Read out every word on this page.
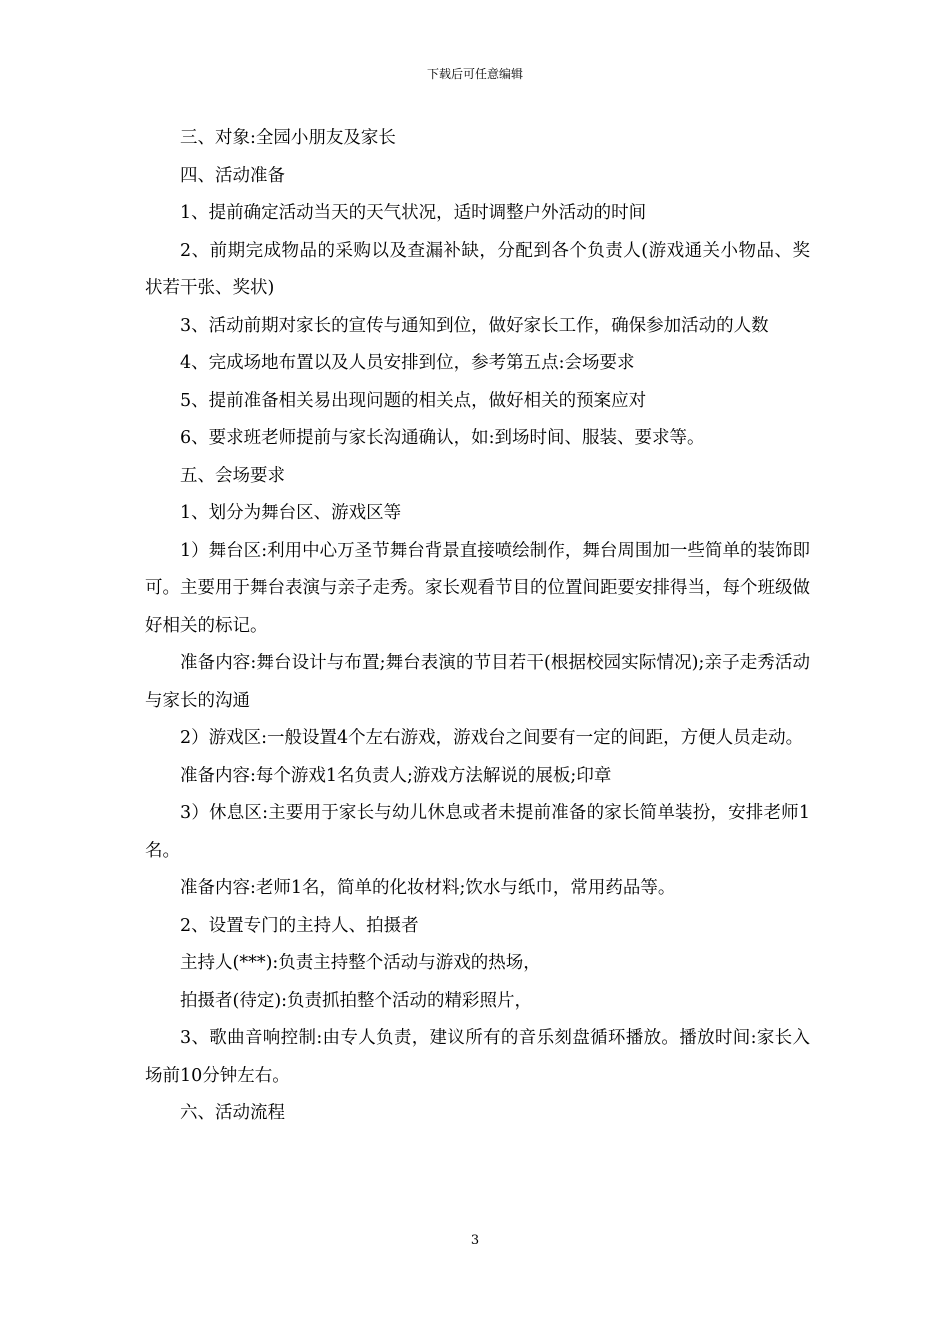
下载后可任意编辑

三、对象:全园小朋友及家长

四、活动准备

1、提前确定活动当天的天气状况，适时调整户外活动的时间

2、前期完成物品的采购以及查漏补缺，分配到各个负责人(游戏通关小物品、奖状若干张、奖状)

3、活动前期对家长的宣传与通知到位，做好家长工作，确保参加活动的人数

4、完成场地布置以及人员安排到位，参考第五点:会场要求

5、提前准备相关易出现问题的相关点，做好相关的预案应对

6、要求班老师提前与家长沟通确认，如:到场时间、服装、要求等。

五、会场要求

1、划分为舞台区、游戏区等

1）舞台区:利用中心万圣节舞台背景直接喷绘制作，舞台周围加一些简单的装饰即可。主要用于舞台表演与亲子走秀。家长观看节目的位置间距要安排得当，每个班级做好相关的标记。

准备内容:舞台设计与布置;舞台表演的节目若干(根据校园实际情况);亲子走秀活动与家长的沟通

2）游戏区:一般设置4个左右游戏，游戏台之间要有一定的间距，方便人员走动。

准备内容:每个游戏1名负责人;游戏方法解说的展板;印章

3）休息区:主要用于家长与幼儿休息或者未提前准备的家长简单装扮，安排老师1名。

准备内容:老师1名，简单的化妆材料;饮水与纸巾，常用药品等。

2、设置专门的主持人、拍摄者

主持人(***):负责主持整个活动与游戏的热场，

拍摄者(待定):负责抓拍整个活动的精彩照片，

3、歌曲音响控制:由专人负责，建议所有的音乐刻盘循环播放。播放时间:家长入场前10分钟左右。

六、活动流程

3
